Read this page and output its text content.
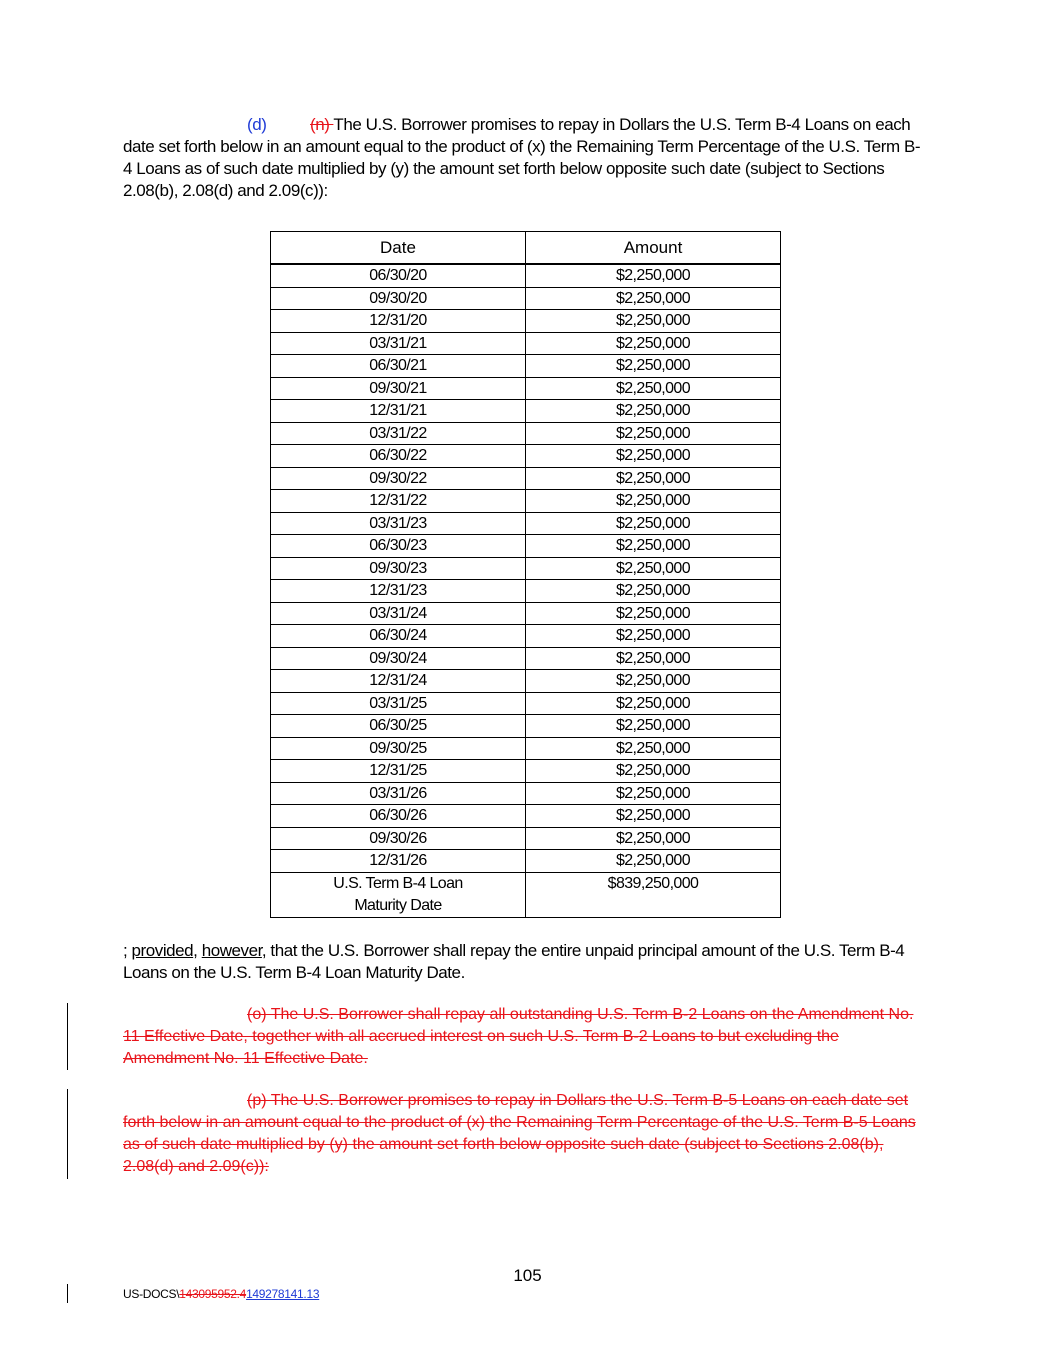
(d)	(n) The U.S. Borrower promises to repay in Dollars the U.S. Term B-4 Loans on each date set forth below in an amount equal to the product of (x) the Remaining Term Percentage of the U.S. Term B-4 Loans as of such date multiplied by (y) the amount set forth below opposite such date (subject to Sections 2.08(b), 2.08(d) and 2.09(c)):

Date	Amount
06/30/20	$2,250,000
09/30/20	$2,250,000
12/31/20	$2,250,000
03/31/21	$2,250,000
06/30/21	$2,250,000
09/30/21	$2,250,000
12/31/21	$2,250,000
03/31/22	$2,250,000
06/30/22	$2,250,000
09/30/22	$2,250,000
12/31/22	$2,250,000
03/31/23	$2,250,000
06/30/23	$2,250,000
09/30/23	$2,250,000
12/31/23	$2,250,000
03/31/24	$2,250,000
06/30/24	$2,250,000
09/30/24	$2,250,000
12/31/24	$2,250,000
03/31/25	$2,250,000
06/30/25	$2,250,000
09/30/25	$2,250,000
12/31/25	$2,250,000
03/31/26	$2,250,000
06/30/26	$2,250,000
09/30/26	$2,250,000
12/31/26	$2,250,000
U.S. Term B-4 Loan
Maturity Date	$839,250,000

; provided, however, that the U.S. Borrower shall repay the entire unpaid principal amount of the U.S. Term B-4 Loans on the U.S. Term B-4 Loan Maturity Date.

(o) The U.S. Borrower shall repay all outstanding U.S. Term B-2 Loans on the Amendment No. 11 Effective Date, together with all accrued interest on such U.S. Term B-2 Loans to but excluding the Amendment No. 11 Effective Date.

(p) The U.S. Borrower promises to repay in Dollars the U.S. Term B-5 Loans on each date set forth below in an amount equal to the product of (x) the Remaining Term Percentage of the U.S. Term B-5 Loans as of such date multiplied by (y) the amount set forth below opposite such date (subject to Sections 2.08(b), 2.08(d) and 2.09(c)):

105
US-DOCS\143095952.4149278141.13
